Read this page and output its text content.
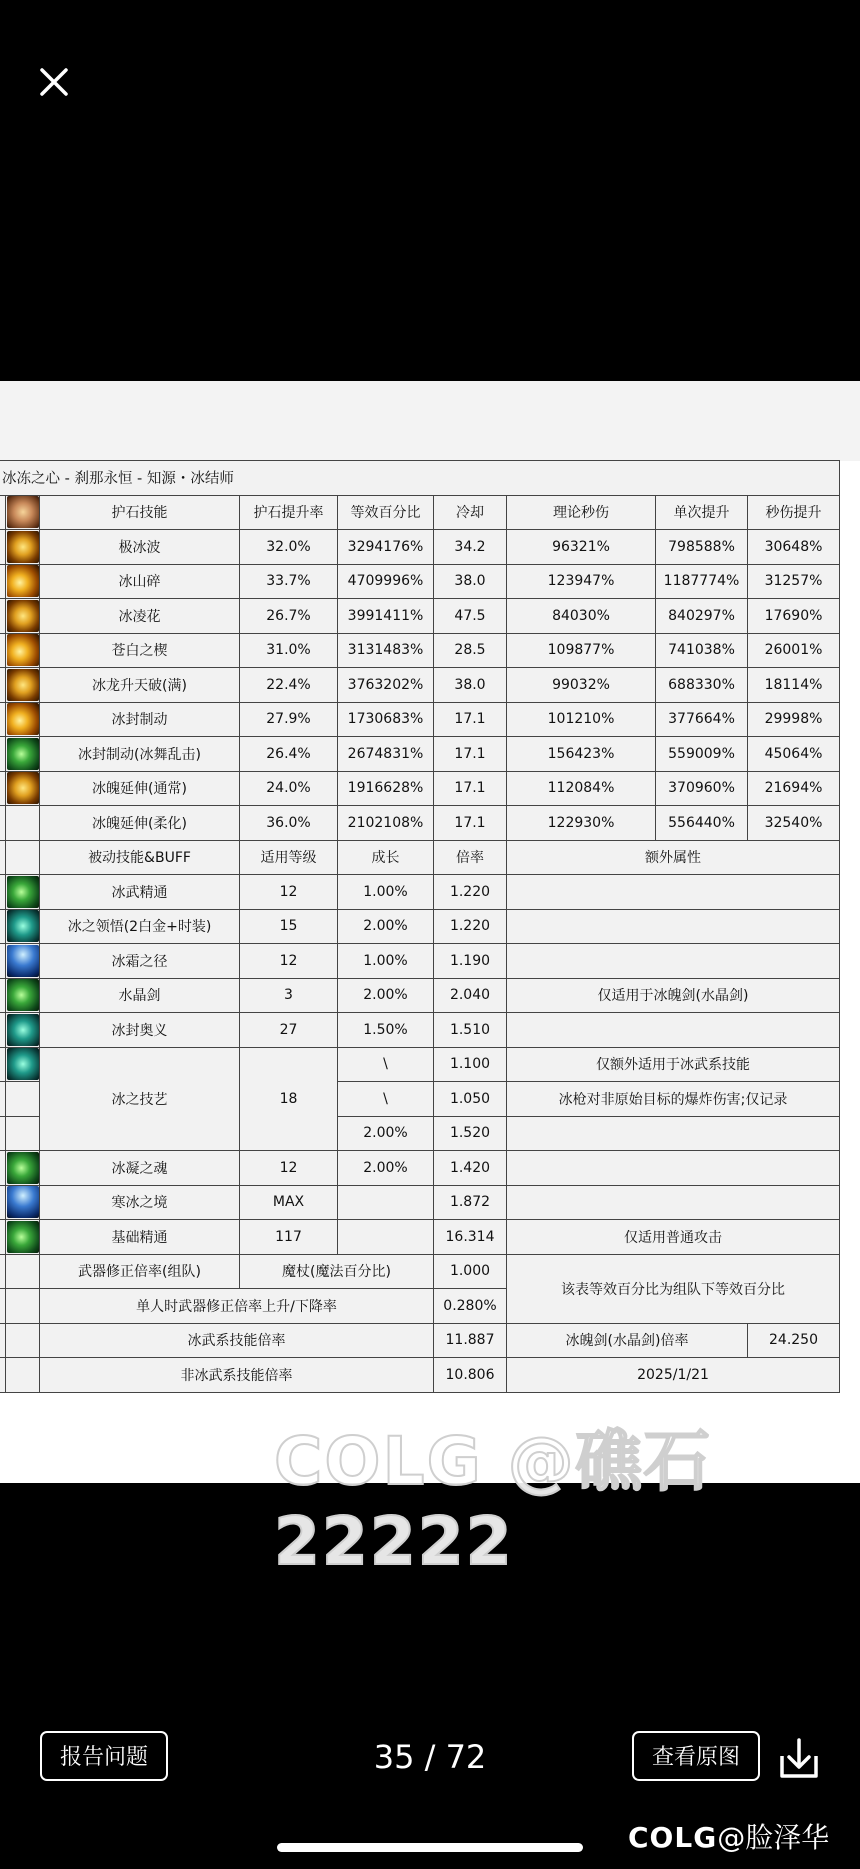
冰冻之心 - 刹那永恒 - 知源・冰结师								

	护石技能	护石提升率	等效百分比	冷却	理论秒伤	单次提升	秒伤提升

	极冰波	32.0%	3294176%	34.2	96321%	798588%	30648%

	冰山碎	33.7%	4709996%	38.0	123947%	1187774%	31257%

	冰凌花	26.7%	3991411%	47.5	84030%	840297%	17690%

	苍白之楔	31.0%	3131483%	28.5	109877%	741038%	26001%

	冰龙升天破(满)	22.4%	3763202%	38.0	99032%	688330%	18114%

	冰封制动	27.9%	1730683%	17.1	101210%	377664%	29998%

	冰封制动(冰舞乱击)	26.4%	2674831%	17.1	156423%	559009%	45064%

	冰魄延伸(通常)	24.0%	1916628%	17.1	112084%	370960%	21694%
		冰魄延伸(柔化)	36.0%	2102108%	17.1	122930%	556440%	32540%
		被动技能&BUFF	适用等级	成长	倍率	额外属性		

	冰武精通	12	1.00%	1.220			

	冰之领悟(2白金+时装)	15	2.00%	1.220			

	冰霜之径	12	1.00%	1.190			

	水晶剑	3	2.00%	2.040	仅适用于冰魄剑(水晶剑)		

	冰封奥义	27	1.50%	1.510			

	冰之技艺	18	\	1.100	仅额外适用于冰武系技能		
				\	1.050	冰枪对非原始目标的爆炸伤害;仅记录		
				2.00%	1.520			

	冰凝之魂	12	2.00%	1.420			

	寒冰之境	MAX		1.872			

	基础精通	117		16.314	仅适用普通攻击		
		武器修正倍率(组队)	魔杖(魔法百分比)		1.000	该表等效百分比为组队下等效百分比		
		单人时武器修正倍率上升/下降率			0.280%			
		冰武系技能倍率			11.887	冰魄剑(水晶剑)倍率		24.250
		非冰武系技能倍率			10.806	2025/1/21		
COLG @礁石22222
报告问题	35 / 72	查看原图
COLG@脸泽华
